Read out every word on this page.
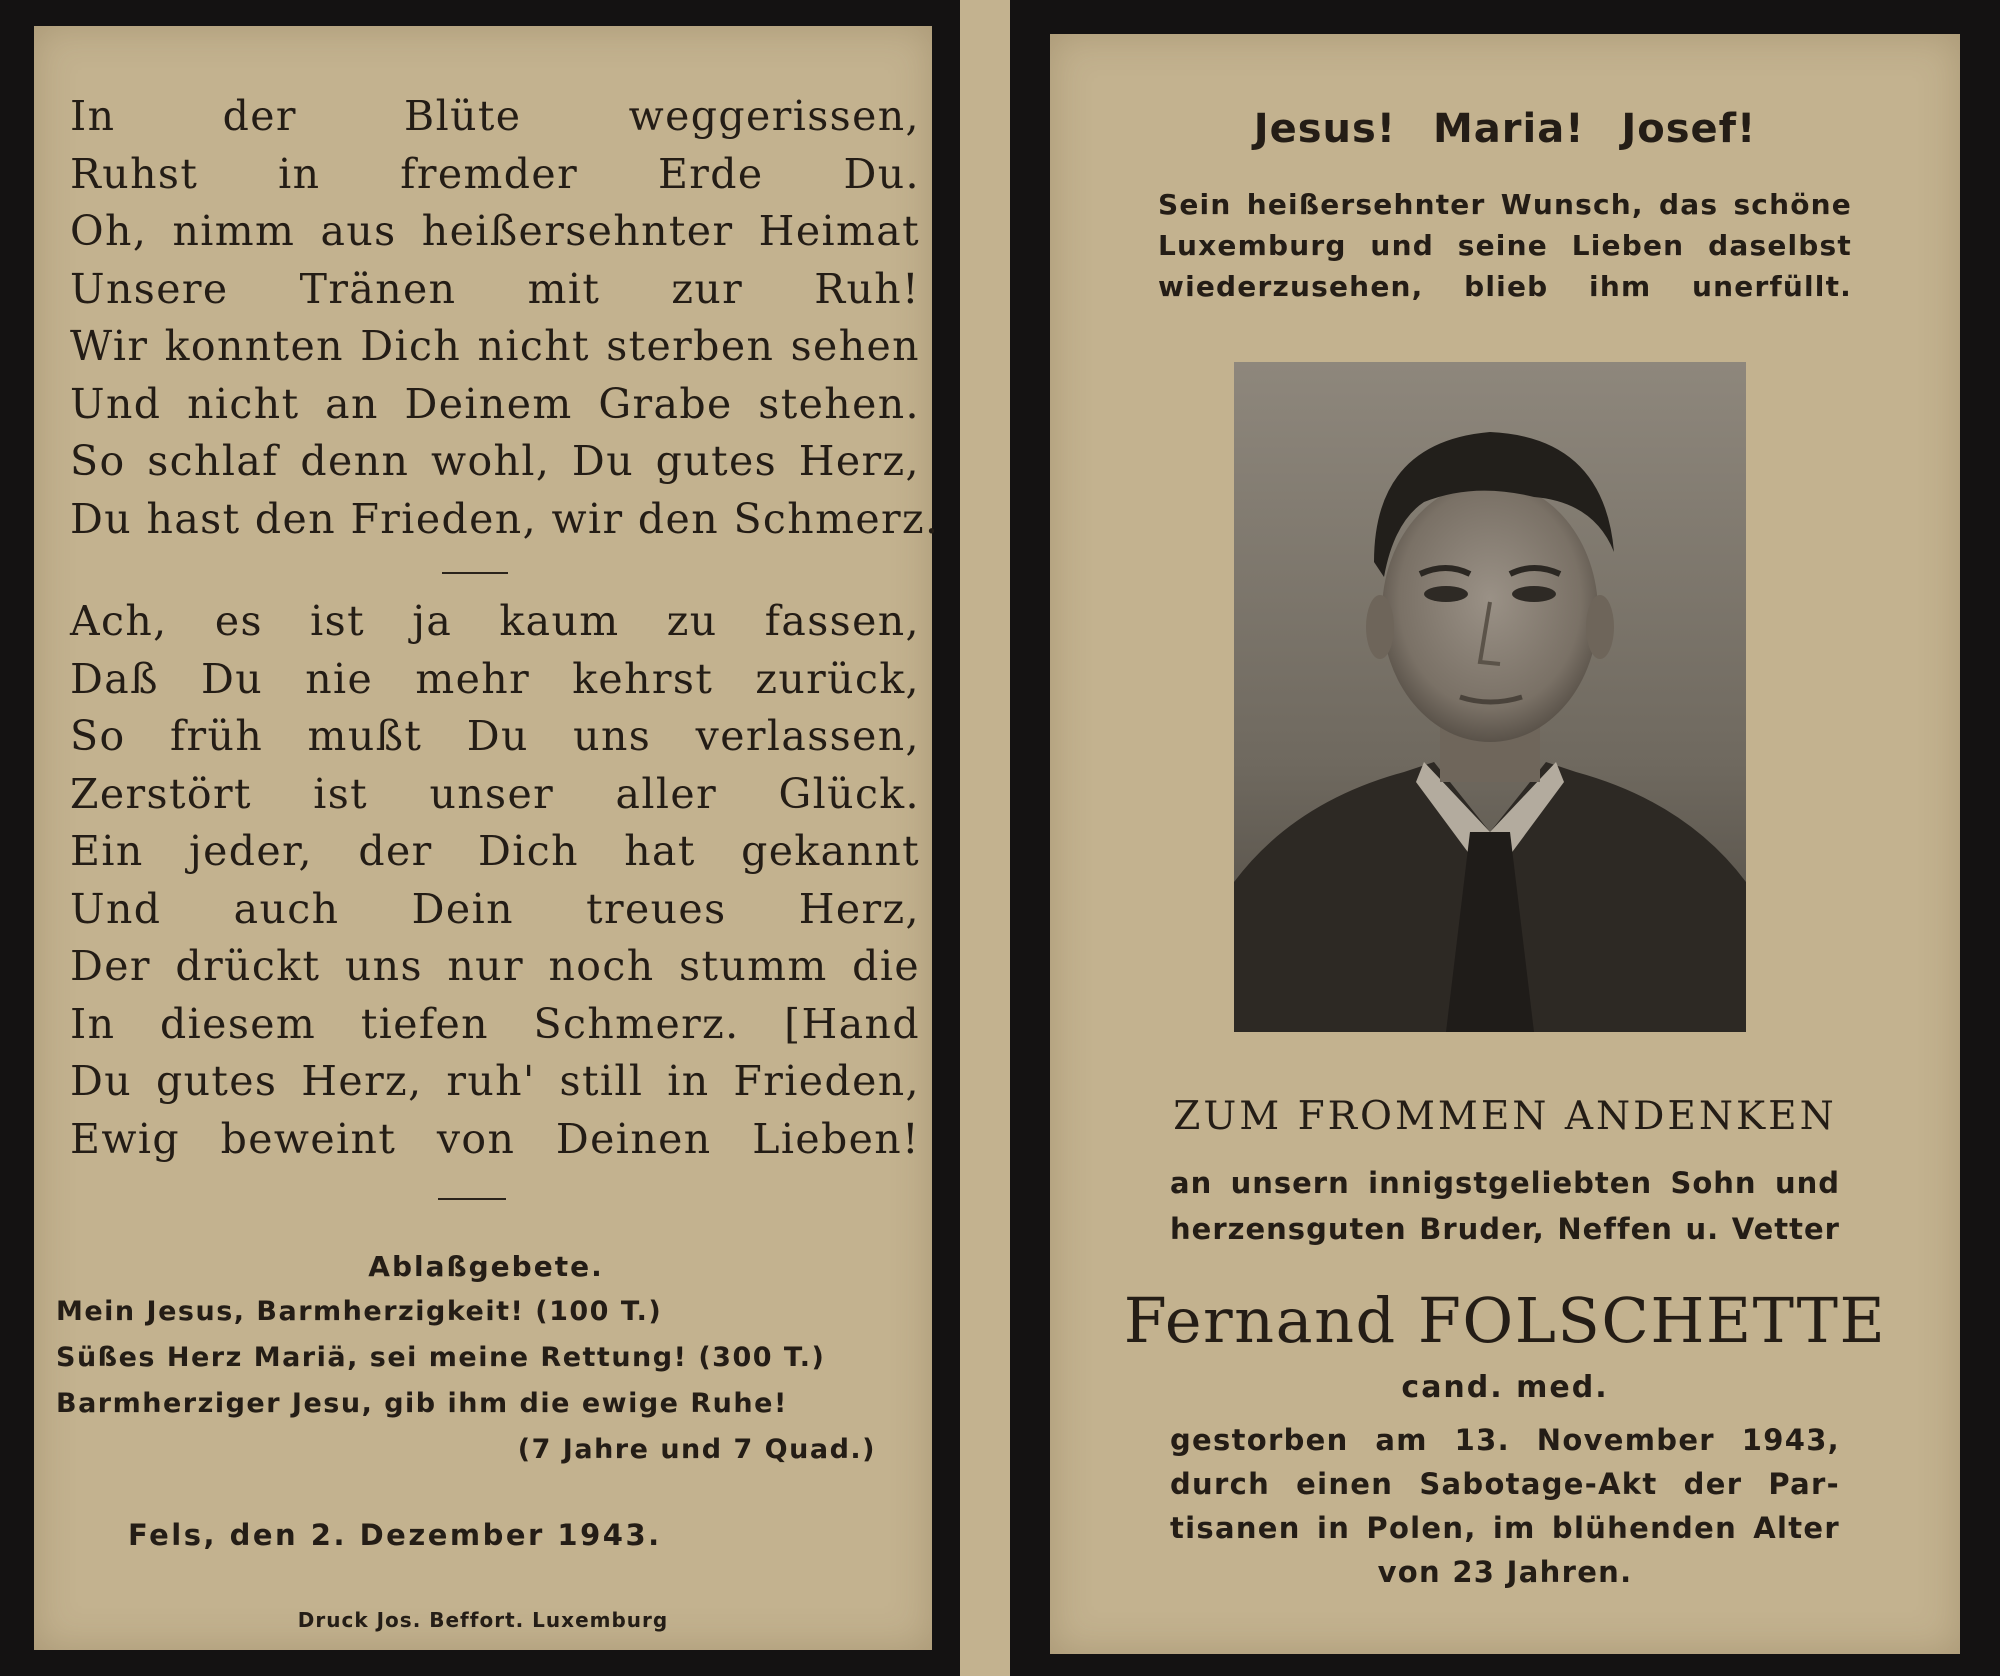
In der Blüte weggerissen,
Ruhst in fremder Erde Du.
Oh, nimm aus heißersehnter Heimat
Unsere Tränen mit zur Ruh!
Wir konnten Dich nicht sterben sehen
Und nicht an Deinem Grabe stehen.
So schlaf denn wohl, Du gutes Herz,
Du hast den Frieden, wir den Schmerz.
Ach, es ist ja kaum zu fassen,
Daß Du nie mehr kehrst zurück,
So früh mußt Du uns verlassen,
Zerstört ist unser aller Glück.
Ein jeder, der Dich hat gekannt
Und auch Dein treues Herz,
Der drückt uns nur noch stumm die
In diesem tiefen Schmerz. [Hand
Du gutes Herz, ruh' still in Frieden,
Ewig beweint von Deinen Lieben!
Ablaßgebete.
Mein Jesus, Barmherzigkeit! (100 T.)
Süßes Herz Mariä, sei meine Rettung! (300 T.)
Barmherziger Jesu, gib ihm die ewige Ruhe!
(7 Jahre und 7 Quad.)
Fels, den 2. Dezember 1943.
Druck Jos. Beffort. Luxemburg
Jesus! Maria! Josef!
Sein heißersehnter Wunsch, das schöne
Luxemburg und seine Lieben daselbst
wiederzusehen, blieb ihm unerfüllt.
ZUM FROMMEN ANDENKEN
an unsern innigstgeliebten Sohn und
herzensguten Bruder, Neffen u. Vetter
Fernand FOLSCHETTE
cand. med.
gestorben am 13. November 1943,
durch einen Sabotage-Akt der Par-
tisanen in Polen, im blühenden Alter
von 23 Jahren.
